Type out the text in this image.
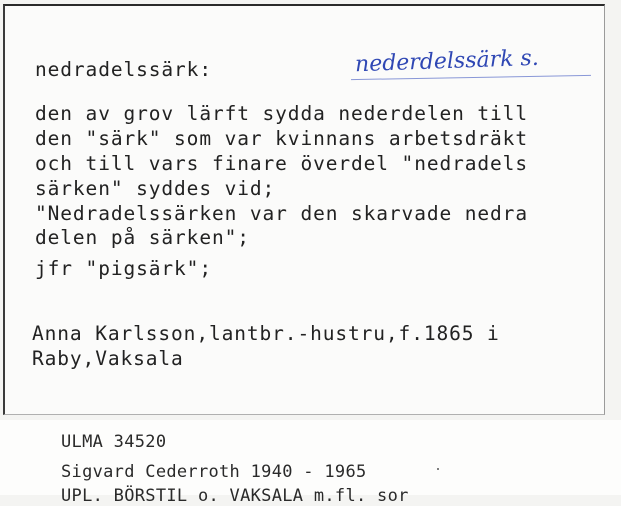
nedradelssärk:	nederdelssärk s.

den av grov lärft sydda nederdelen till

den "särk" som var kvinnans arbetsdräkt

och till vars finare överdel "nedradels

särken" syddes vid;

"Nedradelssärken var den skarvade nedra

delen på särken";

jfr "pigsärk";

Anna Karlsson,lantbr.-hustru,f.1865 i

Raby,Vaksala

ULMA 34520

Sigvard Cederroth 1940 - 1965

UPL. BÖRSTIL o. VAKSALA m.fl. sor
